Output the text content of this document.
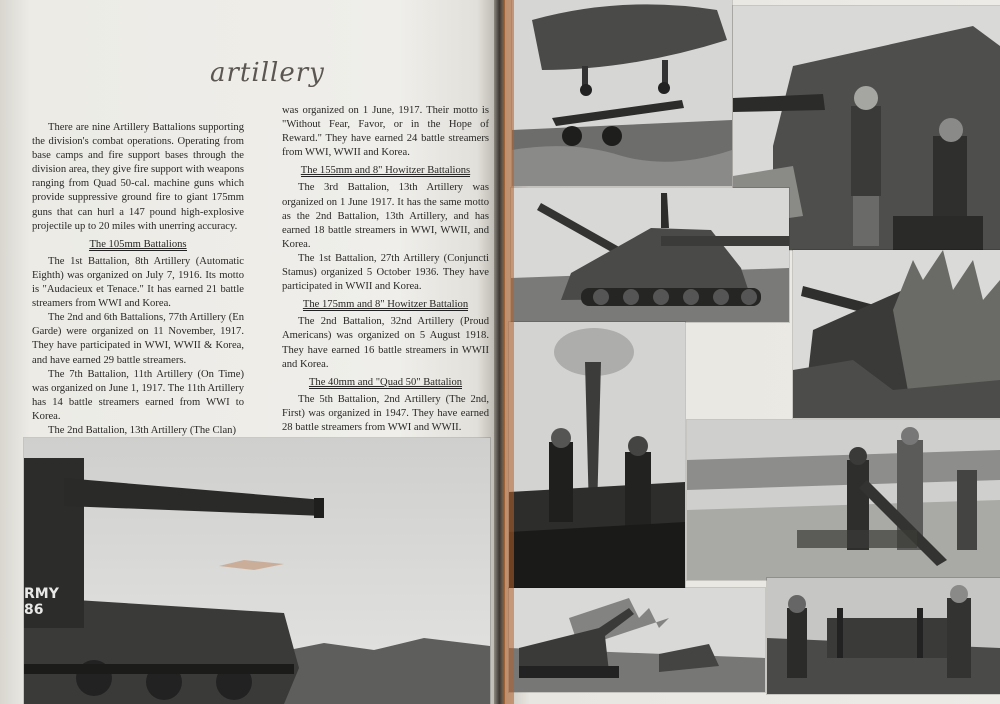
artillery

There are nine Artillery Battalions supporting the division's combat operations. Operating from base camps and fire support bases through the division area, they give fire support with weapons ranging from Quad 50-cal. machine guns which provide suppressive ground fire to giant 175mm guns that can hurl a 147 pound high-explosive projectile up to 20 miles with unerring accuracy.

The 105mm Battalions

The 1st Battalion, 8th Artillery (Automatic Eighth) was organized on July 7, 1916. Its motto is "Audacieux et Tenace." It has earned 21 battle streamers from WWI and Korea.

The 2nd and 6th Battalions, 77th Artillery (En Garde) were organized on 11 November, 1917. They have participated in WWI, WWII & Korea, and have earned 29 battle streamers.

The 7th Battalion, 11th Artillery (On Time) was organized on June 1, 1917. The 11th Artillery has 14 battle streamers earned from WWI to Korea.

The 2nd Battalion, 13th Artillery (The Clan)

was organized on 1 June, 1917. Their motto is "Without Fear, Favor, or in the Hope of Reward." They have earned 24 battle streamers from WWI, WWII and Korea.

The 155mm and 8" Howitzer Battalions

The 3rd Battalion, 13th Artillery was organized on 1 June 1917. It has the same motto as the 2nd Battalion, 13th Artillery, and has earned 18 battle streamers in WWI, WWII, and Korea.

The 1st Battalion, 27th Artillery (Conjuncti Stamus) organized 5 October 1936. They have participated in WWII and Korea.

The 175mm and 8" Howitzer Battalion

The 2nd Battalion, 32nd Artillery (Proud Americans) was organized on 5 August 1918. They have earned 16 battle streamers in WWII and Korea.

The 40mm and "Quad 50" Battalion

The 5th Battalion, 2nd Artillery (The 2nd, First) was organized in 1947. They have earned 28 battle streamers from WWI and WWII.

RMY
86
